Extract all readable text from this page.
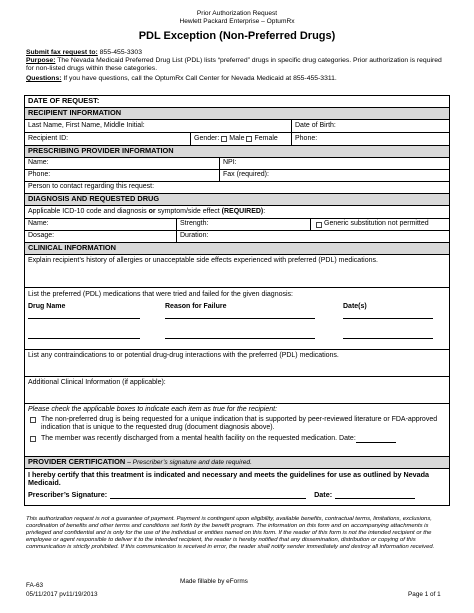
Prior Authorization Request
Hewlett Packard Enterprise – OptumRx
PDL Exception (Non-Preferred Drugs)
Submit fax request to: 855-455-3303
Purpose: The Nevada Medicaid Preferred Drug List (PDL) lists “preferred” drugs in specific drug categories. Prior authorization is required for non-listed drugs within these categories.
Questions: If you have questions, call the OptumRx Call Center for Nevada Medicaid at 855-455-3311.
DATE OF REQUEST:
RECIPIENT INFORMATION
Last Name, First Name, Middle Initial:	Date of Birth:
Recipient ID:	Gender: Male Female	Phone:
PRESCRIBING PROVIDER INFORMATION
Name:	NPI:
Phone:	Fax (required):
Person to contact regarding this request:
DIAGNOSIS AND REQUESTED DRUG
Applicable ICD-10 code and diagnosis or symptom/side effect (REQUIRED) :
Name:	Strength:	Generic substitution not permitted
Dosage:	Duration:
CLINICAL INFORMATION
Explain recipient’s history of allergies or unacceptable side effects experienced with preferred (PDL) medications.
List the preferred (PDL) medications that were tried and failed for the given diagnosis:
Drug Name	Reason for Failure	Date(s)
List any contraindications to or potential drug-drug interactions with the preferred (PDL) medications.
Additional Clinical Information (if applicable):
Please check the applicable boxes to indicate each item as true for the recipient:
The non-preferred drug is being requested for a unique indication that is supported by peer-reviewed literature or FDA-approved indication that is unique to the requested drug (document diagnosis above).
The member was recently discharged from a mental health facility on the requested medication. Date:
PROVIDER CERTIFICATION – Prescriber’s signature and date required.
I hereby certify that this treatment is indicated and necessary and meets the guidelines for use as outlined by Nevada Medicaid.
Prescriber’s Signature:	Date:
This authorization request is not a guarantee of payment. Payment is contingent upon eligibility, available benefits, contractual terms, limitations, exclusions, coordination of benefits and other terms and conditions set forth by the benefit program. The information on this form and on accompanying attachments is privileged and confidential and is only for the use of the individual or entities named on this form. If the reader of this form is not the intended recipient or the employee or agent responsible to deliver it to the intended recipient, the reader is hereby notified that any dissemination, distribution or copying of this communication is strictly prohibited. If this communication is received in error, the reader shall notify sender immediately and destroy all information received.
FA-63
05/11/2017 pv11/19/2013
Made fillable by eForms
Page 1 of 1
